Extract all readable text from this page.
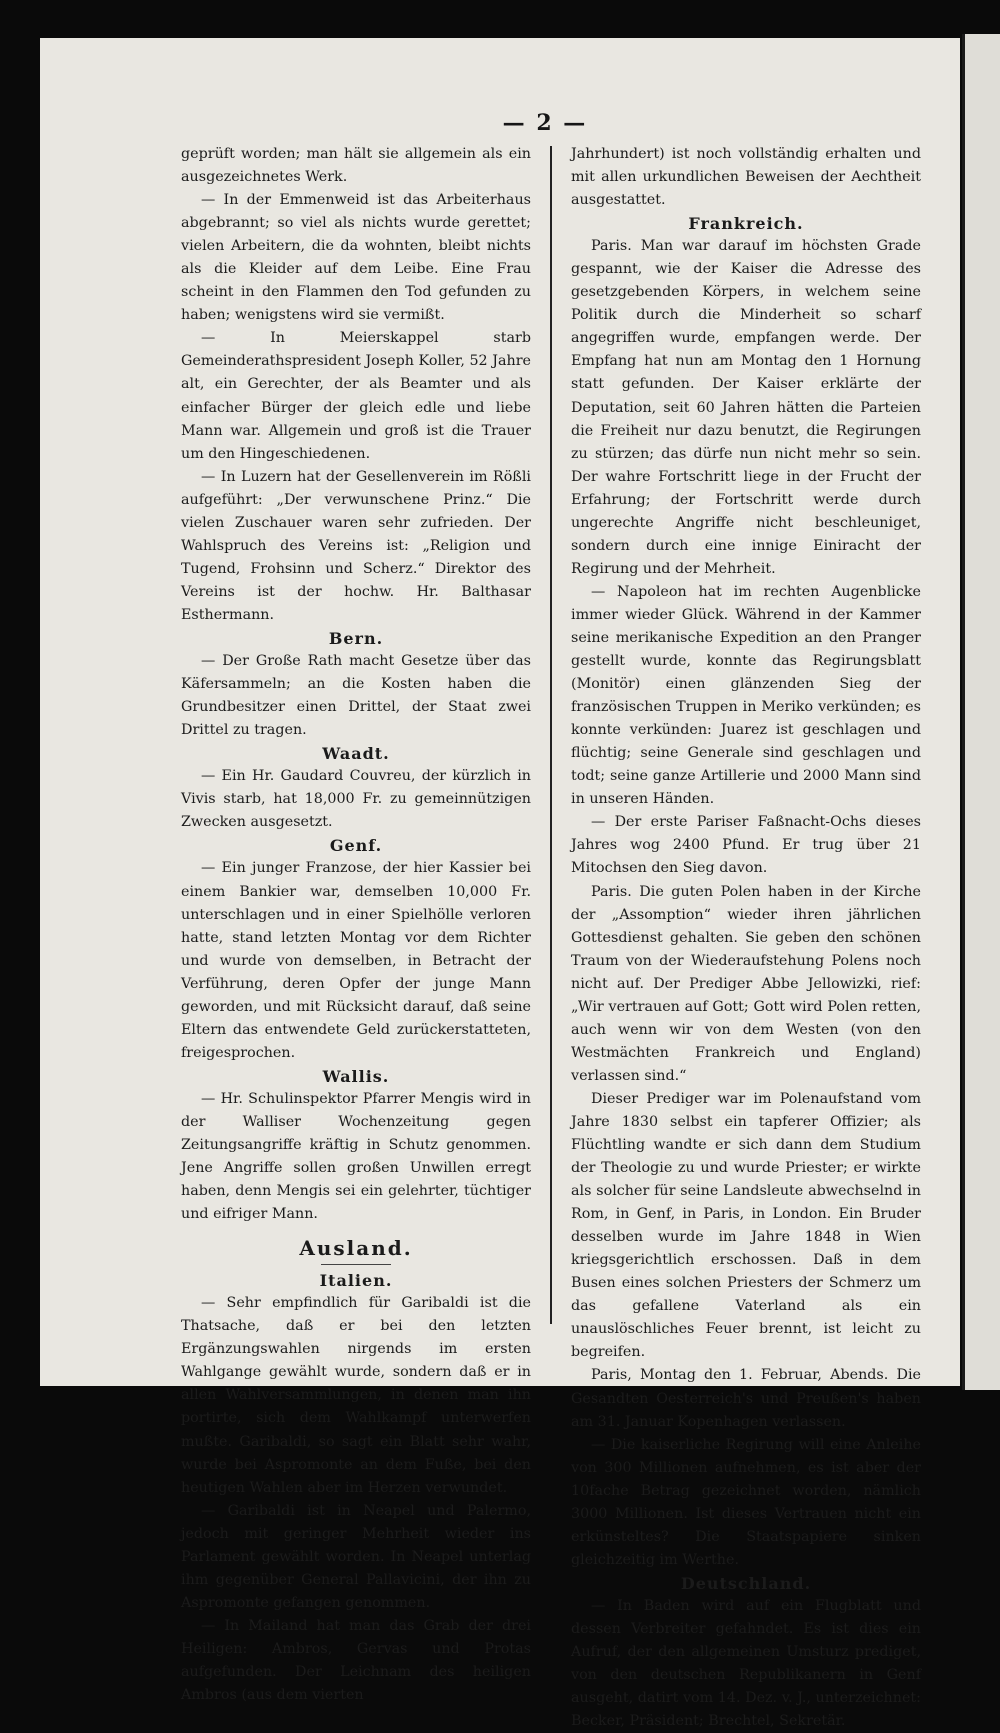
— 2 —

geprüft worden; man hält sie allgemein als ein ausgezeichnetes Werk.

— In der Emmenweid ist das Arbeiterhaus abgebrannt; so viel als nichts wurde gerettet; vielen Arbeitern, die da wohnten, bleibt nichts als die Kleider auf dem Leibe. Eine Frau scheint in den Flammen den Tod gefunden zu haben; wenigstens wird sie vermißt.

— In Meierskappel starb Gemeinderathspresident Joseph Koller, 52 Jahre alt, ein Gerechter, der als Beamter und als einfacher Bürger der gleich edle und liebe Mann war. Allgemein und groß ist die Trauer um den Hingeschiedenen.

— In Luzern hat der Gesellenverein im Rößli aufgeführt: „Der verwunschene Prinz.“ Die vielen Zuschauer waren sehr zufrieden. Der Wahlspruch des Vereins ist: „Religion und Tugend, Frohsinn und Scherz.“ Direktor des Vereins ist der hochw. Hr. Balthasar Esthermann.

Bern.

— Der Große Rath macht Gesetze über das Käfersammeln; an die Kosten haben die Grundbesitzer einen Drittel, der Staat zwei Drittel zu tragen.

Waadt.

— Ein Hr. Gaudard Couvreu, der kürzlich in Vivis starb, hat 18,000 Fr. zu gemeinnützigen Zwecken ausgesetzt.

Genf.

— Ein junger Franzose, der hier Kassier bei einem Bankier war, demselben 10,000 Fr. unterschlagen und in einer Spielhölle verloren hatte, stand letzten Montag vor dem Richter und wurde von demselben, in Betracht der Verführung, deren Opfer der junge Mann geworden, und mit Rücksicht darauf, daß seine Eltern das entwendete Geld zurückerstatteten, freigesprochen.

Wallis.

— Hr. Schulinspektor Pfarrer Mengis wird in der Walliser Wochenzeitung gegen Zeitungsangriffe kräftig in Schutz genommen. Jene Angriffe sollen großen Unwillen erregt haben, denn Mengis sei ein gelehrter, tüchtiger und eifriger Mann.

Ausland.
Italien.

— Sehr empfindlich für Garibaldi ist die Thatsache, daß er bei den letzten Ergänzungswahlen nirgends im ersten Wahlgange gewählt wurde, sondern daß er in allen Wahlversammlungen, in denen man ihn portirte, sich dem Wahlkampf unterwerfen mußte. Garibaldi, so sagt ein Blatt sehr wahr, wurde bei Aspromonte an dem Fuße, bei den heutigen Wahlen aber im Herzen verwundet.

— Garibaldi ist in Neapel und Palermo, jedoch mit geringer Mehrheit wieder ins Parlament gewählt worden. In Neapel unterlag ihm gegenüber General Pallavicini, der ihn zu Aspromonte gefangen genommen.

— In Mailand hat man das Grab der drei Heiligen: Ambros, Gervas und Protas aufgefunden. Der Leichnam des heiligen Ambros (aus dem vierten

Jahrhundert) ist noch vollständig erhalten und mit allen urkundlichen Beweisen der Aechtheit ausgestattet.

Frankreich.

Paris. Man war darauf im höchsten Grade gespannt, wie der Kaiser die Adresse des gesetzgebenden Körpers, in welchem seine Politik durch die Minderheit so scharf angegriffen wurde, empfangen werde. Der Empfang hat nun am Montag den 1 Hornung statt gefunden. Der Kaiser erklärte der Deputation, seit 60 Jahren hätten die Parteien die Freiheit nur dazu benutzt, die Regirungen zu stürzen; das dürfe nun nicht mehr so sein. Der wahre Fortschritt liege in der Frucht der Erfahrung; der Fortschritt werde durch ungerechte Angriffe nicht beschleuniget, sondern durch eine innige Einiracht der Regirung und der Mehrheit.

— Napoleon hat im rechten Augenblicke immer wieder Glück. Während in der Kammer seine merikanische Expedition an den Pranger gestellt wurde, konnte das Regirungsblatt (Monitör) einen glänzenden Sieg der französischen Truppen in Meriko verkünden; es konnte verkünden: Juarez ist geschlagen und flüchtig; seine Generale sind geschlagen und todt; seine ganze Artillerie und 2000 Mann sind in unseren Händen.

— Der erste Pariser Faßnacht-Ochs dieses Jahres wog 2400 Pfund. Er trug über 21 Mitochsen den Sieg davon.

Paris. Die guten Polen haben in der Kirche der „Assomption“ wieder ihren jährlichen Gottesdienst gehalten. Sie geben den schönen Traum von der Wiederaufstehung Polens noch nicht auf. Der Prediger Abbe Jellowizki, rief: „Wir vertrauen auf Gott; Gott wird Polen retten, auch wenn wir von dem Westen (von den Westmächten Frankreich und England) verlassen sind.“

Dieser Prediger war im Polenaufstand vom Jahre 1830 selbst ein tapferer Offizier; als Flüchtling wandte er sich dann dem Studium der Theologie zu und wurde Priester; er wirkte als solcher für seine Landsleute abwechselnd in Rom, in Genf, in Paris, in London. Ein Bruder desselben wurde im Jahre 1848 in Wien kriegsgerichtlich erschossen. Daß in dem Busen eines solchen Priesters der Schmerz um das gefallene Vaterland als ein unauslöschliches Feuer brennt, ist leicht zu begreifen.

Paris, Montag den 1. Februar, Abends. Die Gesandten Oesterreich's und Preußen's haben am 31. Januar Kopenhagen verlassen.

— Die kaiserliche Regirung will eine Anleihe von 300 Millionen aufnehmen, es ist aber der 10fache Betrag gezeichnet worden, nämlich 3000 Millionen. Ist dieses Vertrauen nicht ein erkünsteltes? Die Staatspapiere sinken gleichzeitig im Werthe.

Deutschland.

— In Baden wird auf ein Flugblatt und dessen Verbreiter gefahndet. Es ist dies ein Aufruf, der den allgemeinen Umsturz prediget, von den deutschen Republikanern in Genf ausgeht, datirt vom 14. Dez. v. J., unterzeichnet: Becker, Präsident; Brechtel, Sekretär.
